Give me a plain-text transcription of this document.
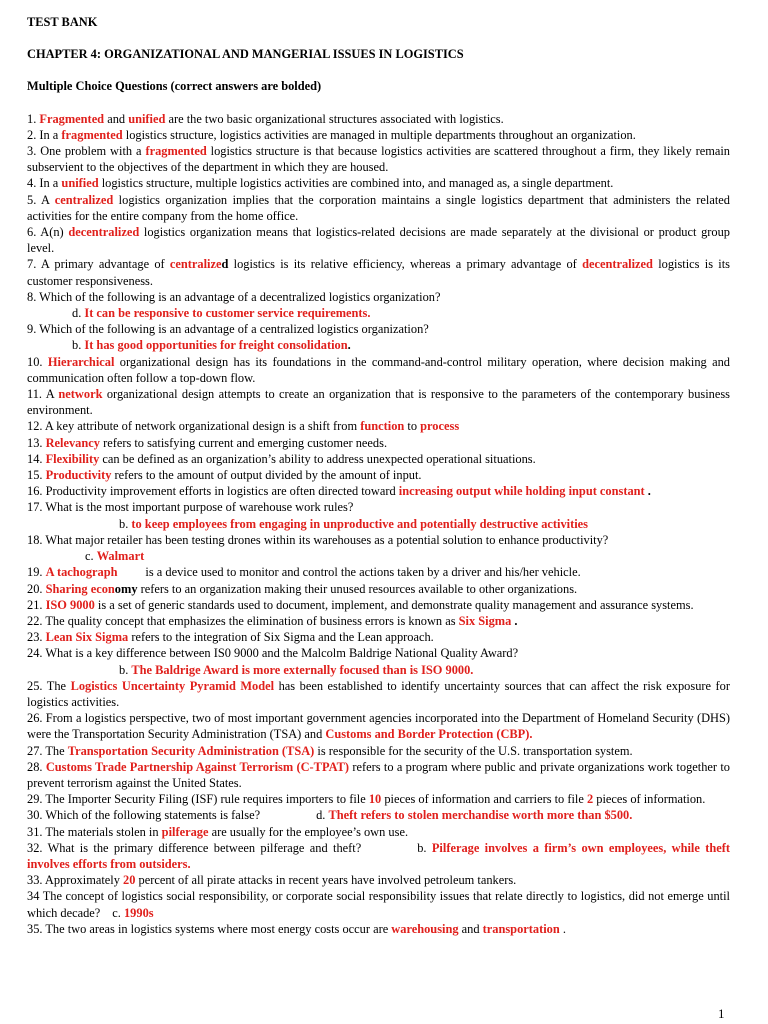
TEST BANK
CHAPTER 4: ORGANIZATIONAL AND MANGERIAL ISSUES IN LOGISTICS
Multiple Choice Questions (correct answers are bolded)
1. Fragmented and unified are the two basic organizational structures associated with logistics.
2. In a fragmented logistics structure, logistics activities are managed in multiple departments throughout an organization.
3. One problem with a fragmented logistics structure is that because logistics activities are scattered throughout a firm, they likely remain subservient to the objectives of the department in which they are housed.
4. In a unified logistics structure, multiple logistics activities are combined into, and managed as, a single department.
5. A centralized logistics organization implies that the corporation maintains a single logistics department that administers the related activities for the entire company from the home office.
6. A(n) decentralized logistics organization means that logistics-related decisions are made separately at the divisional or product group level.
7. A primary advantage of centralized logistics is its relative efficiency, whereas a primary advantage of decentralized logistics is its customer responsiveness.
8. Which of the following is an advantage of a decentralized logistics organization?
d. It can be responsive to customer service requirements.
9. Which of the following is an advantage of a centralized logistics organization?
b. It has good opportunities for freight consolidation.
10. Hierarchical organizational design has its foundations in the command-and-control military operation, where decision making and communication often follow a top-down flow.
11. A network organizational design attempts to create an organization that is responsive to the parameters of the contemporary business environment.
12. A key attribute of network organizational design is a shift from function to process
13. Relevancy refers to satisfying current and emerging customer needs.
14. Flexibility can be defined as an organization’s ability to address unexpected operational situations.
15. Productivity refers to the amount of output divided by the amount of input.
16. Productivity improvement efforts in logistics are often directed toward increasing output while holding input constant .
17. What is the most important purpose of warehouse work rules?
b. to keep employees from engaging in unproductive and potentially destructive activities
18. What major retailer has been testing drones within its warehouses as a potential solution to enhance productivity?
c. Walmart
19. A tachograph         is a device used to monitor and control the actions taken by a driver and his/her vehicle.
20. Sharing economy refers to an organization making their unused resources available to other organizations.
21. ISO 9000 is a set of generic standards used to document, implement, and demonstrate quality management and assurance systems.
22. The quality concept that emphasizes the elimination of business errors is known as Six Sigma .
23. Lean Six Sigma refers to the integration of Six Sigma and the Lean approach.
24. What is a key difference between IS0 9000 and the Malcolm Baldrige National Quality Award?
b. The Baldrige Award is more externally focused than is ISO 9000.
25. The Logistics Uncertainty Pyramid Model has been established to identify uncertainty sources that can affect the risk exposure for logistics activities.
26. From a logistics perspective, two of most important government agencies incorporated into the Department of Homeland Security (DHS) were the Transportation Security Administration (TSA) and Customs and Border Protection (CBP).
27. The Transportation Security Administration (TSA) is responsible for the security of the U.S. transportation system.
28. Customs Trade Partnership Against Terrorism (C-TPAT) refers to a program where public and private organizations work together to prevent terrorism against the United States.
29. The Importer Security Filing (ISF) rule requires importers to file 10 pieces of information and carriers to file 2 pieces of information.
30. Which of the following statements is false?	d. Theft refers to stolen merchandise worth more than $500.
31. The materials stolen in pilferage are usually for the employee’s own use.
32. What is the primary difference between pilferage and theft?	b. Pilferage involves a firm’s own employees, while theft involves efforts from outsiders.
33. Approximately 20 percent of all pirate attacks in recent years have involved petroleum tankers.
34 The concept of logistics social responsibility, or corporate social responsibility issues that relate directly to logistics, did not emerge until which decade? c. 1990s
35. The two areas in logistics systems where most energy costs occur are warehousing and transportation .
1
